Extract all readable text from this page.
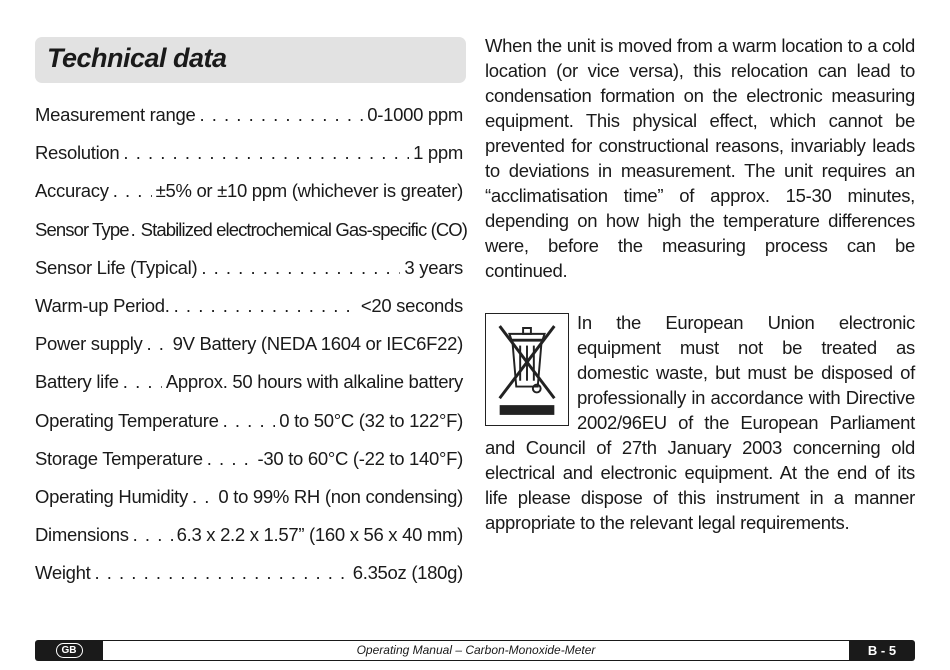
Technical data
Measurement range . . .	0-1000 ppm
Resolution . . .	1 ppm
Accuracy . . .	±5% or ±10 ppm (whichever is greater)
Sensor Type . . . Stabilized electrochemical Gas-specific (CO)
Sensor Life (Typical) . . .	3 years
Warm-up Period. . . .	<20 seconds
Power supply . . . 9V Battery (NEDA 1604 or IEC6F22)
Battery life . . .	Approx. 50 hours with alkaline battery
Operating Temperature . . .	0 to 50°C (32 to 122°F)
Storage Temperature . . .	-30 to 60°C (-22 to 140°F)
Operating Humidity . . . 0 to 99% RH (non condensing)
Dimensions . . .	6.3 x 2.2 x 1.57” (160 x 56 x 40 mm)
Weight . . .	6.35oz (180g)

When the unit is moved from a warm location to a cold location (or vice versa), this relocation can lead to condensation formation on the electronic measuring equipment. This physical effect, which cannot be prevented for constructional reasons, invariably leads to deviations in measurement. The unit requires an “acclimatisation time” of approx. 15-30 minutes, depending on how high the temperature differences were, before the measuring process can be continued.

In the European Union electronic equipment must not be treated as domestic waste, but must be disposed of professionally in accordance with Directive 2002/96EU of the European Parliament and Council of 27th January 2003 concerning old electrical and electronic equipment. At the end of its life please dispose of this instrument in a manner appropriate to the relevant legal requirements.
GB	Operating Manual – Carbon-Monoxide-Meter	B - 5
